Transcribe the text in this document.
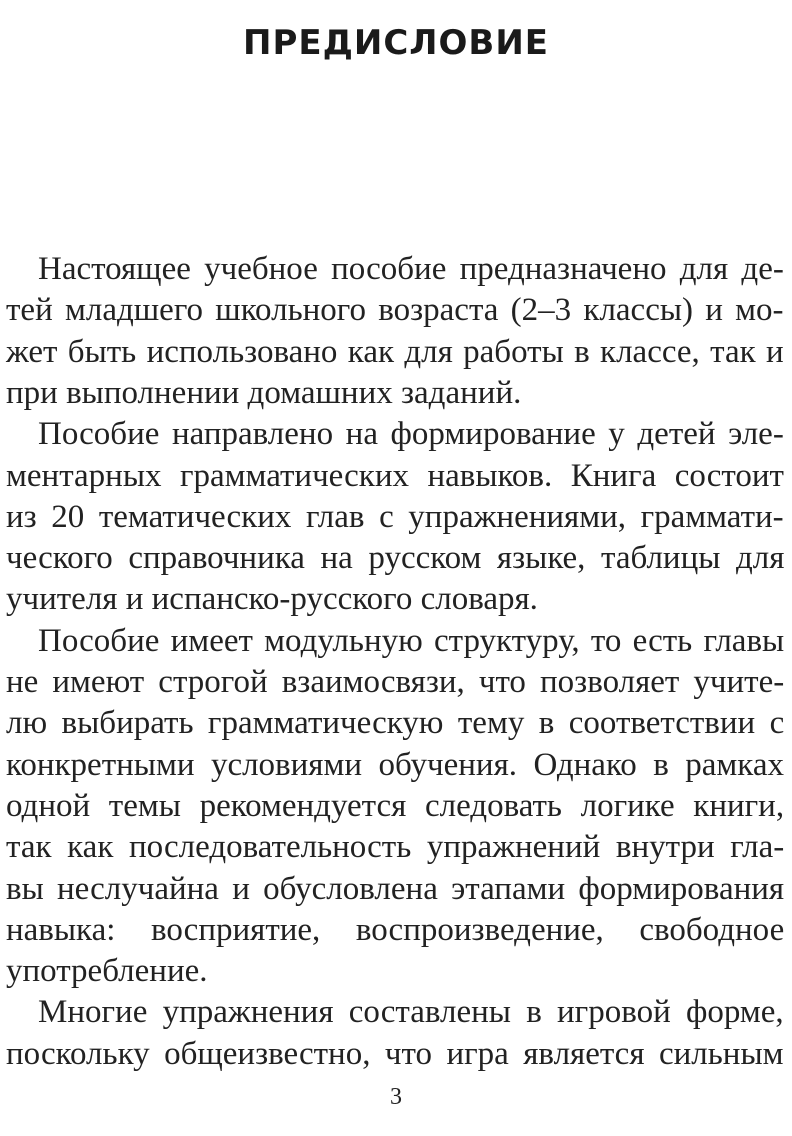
ПРЕДИСЛОВИЕ
Настоящее учебное пособие предназначено для де-
тей младшего школьного возраста (2–3 классы) и мо-
жет быть использовано как для работы в классе, так и
при выполнении домашних заданий.
Пособие направлено на формирование у детей эле-
ментарных грамматических навыков. Книга состоит
из 20 тематических глав с упражнениями, граммати-
ческого справочника на русском языке, таблицы для
учителя и испанско-русского словаря.
Пособие имеет модульную структуру, то есть главы
не имеют строгой взаимосвязи, что позволяет учите-
лю выбирать грамматическую тему в соответствии с
конкретными условиями обучения. Однако в рамках
одной темы рекомендуется следовать логике книги,
так как последовательность упражнений внутри гла-
вы неслучайна и обусловлена этапами формирования
навыка: восприятие, воспроизведение, свободное
употребление.
Многие упражнения составлены в игровой форме,
поскольку общеизвестно, что игра является сильным
3
